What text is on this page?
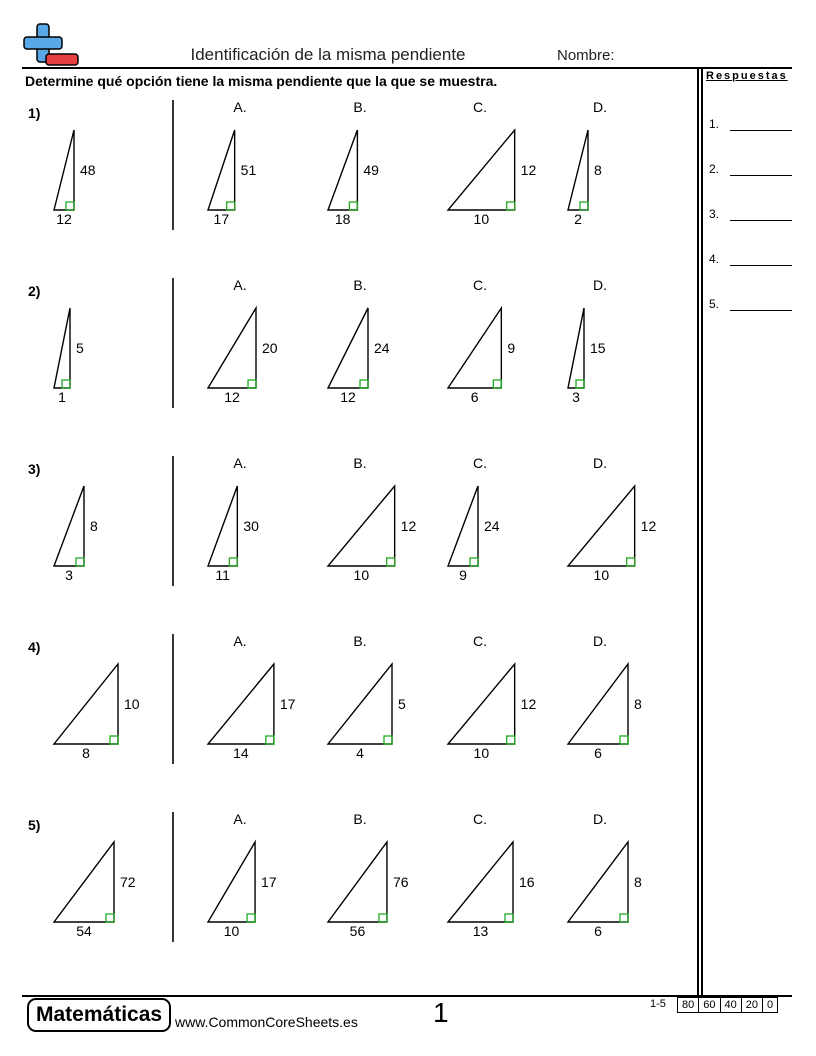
Identificación de la misma pendiente	Nombre:
Determine qué opción tiene la misma pendiente que la que se muestra.	Respuestas
1.
2.
3.
4.
5.
1)
48
12
A.
51
17
B.
49
18
C.
12
10
D.
8
2
2)
5
1
A.
20
12
B.
24
12
C.
9
6
D.
15
3
3)
8
3
A.
30
11
B.
12
10
C.
24
9
D.
12
10
4)
10
8
A.
17
14
B.
5
4
C.
12
10
D.
8
6
5)
72
54
A.
17
10
B.
76
56
C.
16
13
D.
8
6
Matemáticas www.CommonCoreSheets.es	1	1-5	80 60 40 20 0
